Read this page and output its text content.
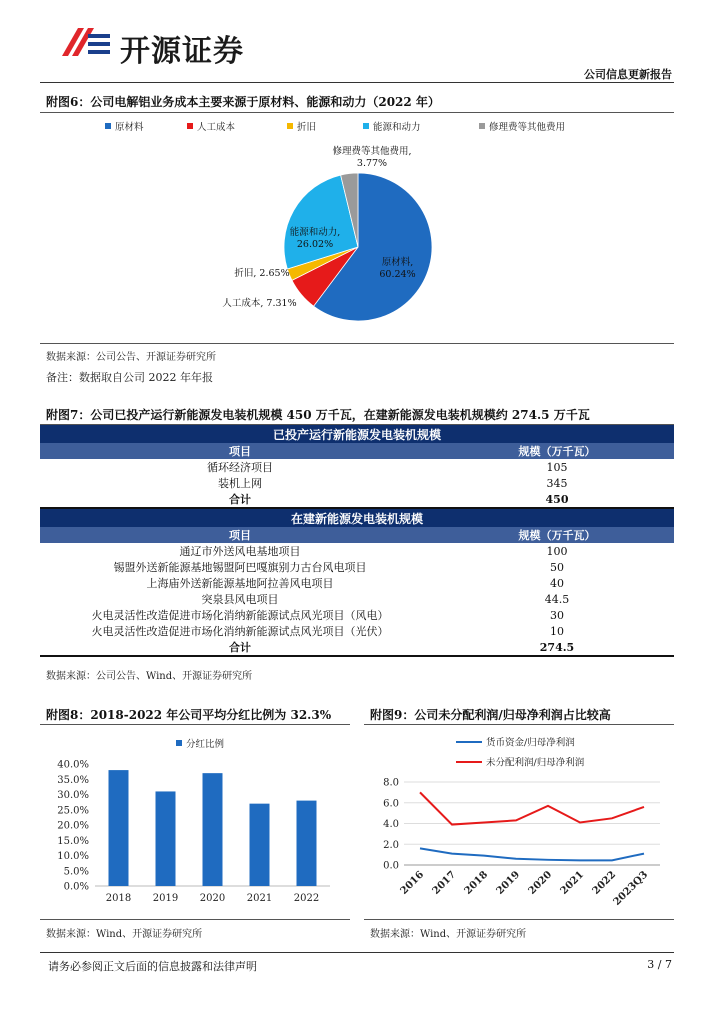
开源证券
公司信息更新报告
附图6：公司电解铝业务成本主要来源于原材料、能源和动力（2022 年）
原材料	人工成本	折旧	能源和动力	修理费等其他费用
原材料,
60.24%
人工成本, 7.31%
折旧, 2.65%
能源和动力,
26.02%
修理费等其他费用,
3.77%
数据来源：公司公告、开源证券研究所
备注：数据取自公司 2022 年年报
附图7：公司已投产运行新能源发电装机规模 450 万千瓦，在建新能源发电装机规模约 274.5 万千瓦
已投产运行新能源发电装机规模	
项目	规模（万千瓦）
循环经济项目	105
装机上网	345
合计	450
在建新能源发电装机规模	
项目	规模（万千瓦）
通辽市外送风电基地项目	100
锡盟外送新能源基地锡盟阿巴嘎旗别力古台风电项目	50
上海庙外送新能源基地阿拉善风电项目	40
突泉县风电项目	44.5
火电灵活性改造促进市场化消纳新能源试点风光项目（风电）	30
火电灵活性改造促进市场化消纳新能源试点风光项目（光伏）	10
合计	274.5
数据来源：公司公告、Wind、开源证券研究所
附图8：2018-2022 年公司平均分红比例为 32.3%
分红比例
0.0%
5.0%
10.0%
15.0%
20.0%
25.0%
30.0%
35.0%
40.0%
2018 2019 2020 2021 2022
数据来源：Wind、开源证券研究所
附图9：公司未分配利润/归母净利润占比较高
货币资金/归母净利润
未分配利润/归母净利润
0.0
2.0
4.0
6.0
8.0
2016 2017 2018 2019 2020 2021 2022
2023Q3
数据来源：Wind、开源证券研究所
请务必参阅正文后面的信息披露和法律声明	3 / 7
